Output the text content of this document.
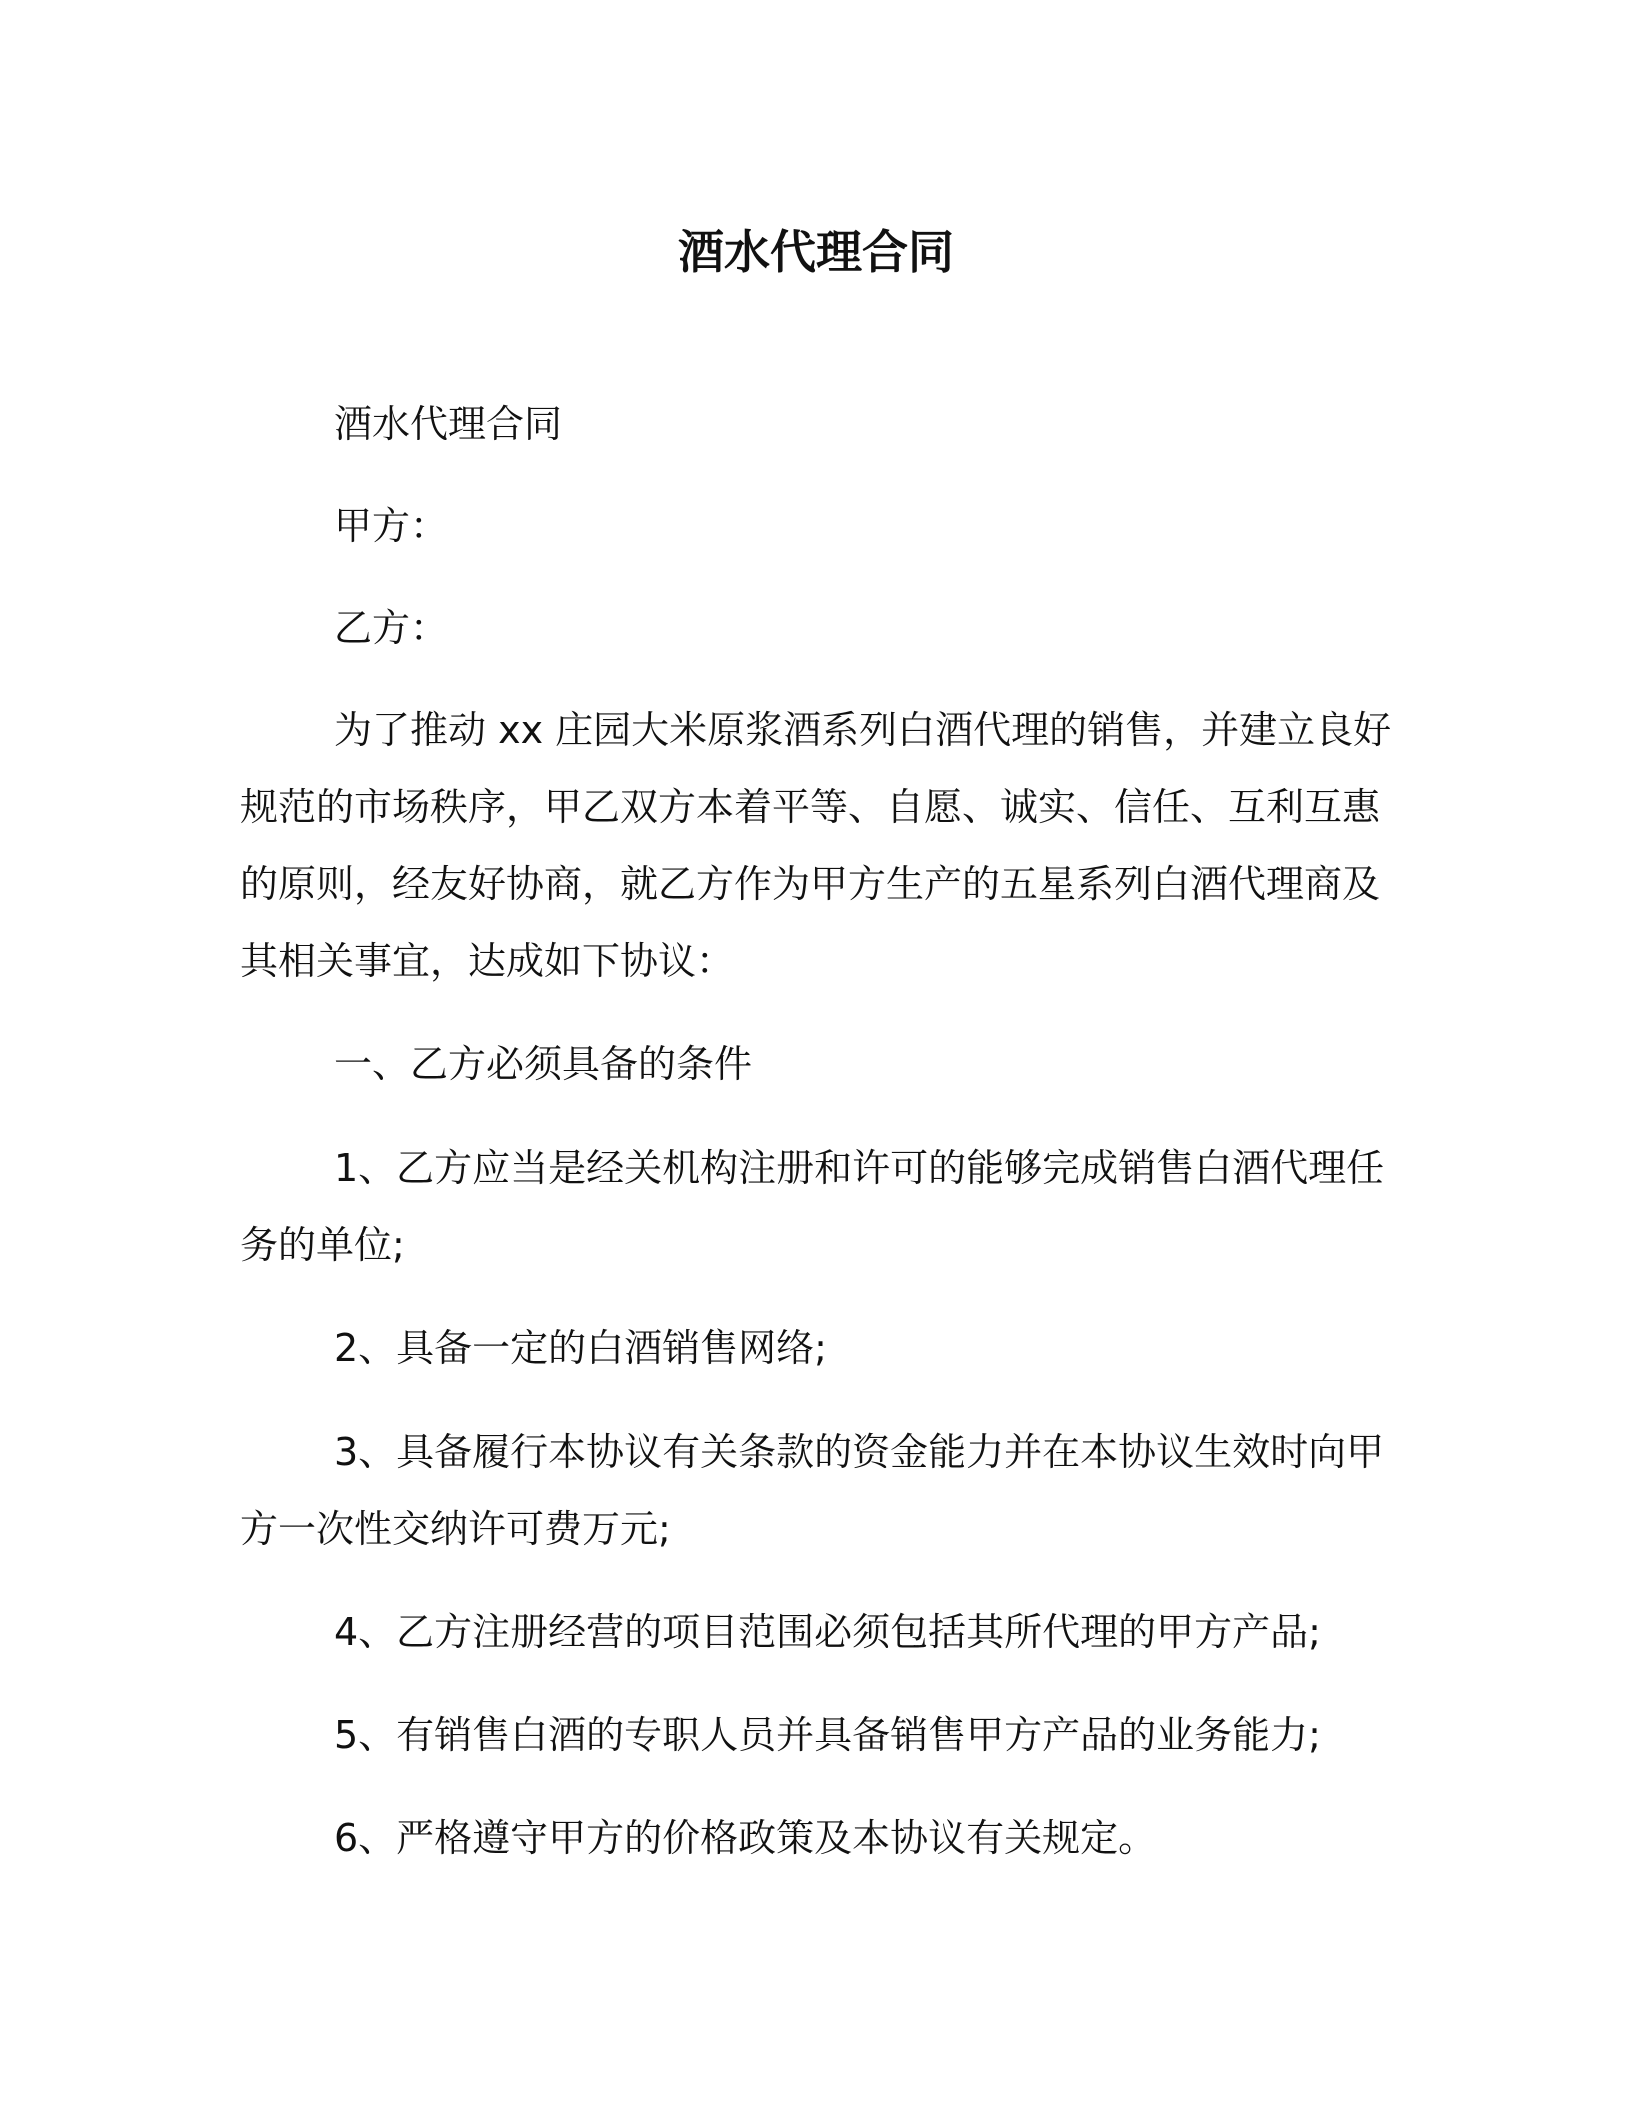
酒水代理合同

酒水代理合同

甲方：

乙方：

为了推动 xx 庄园大米原浆酒系列白酒代理的销售，并建立良好

规范的市场秩序，甲乙双方本着平等、自愿、诚实、信任、互利互惠

的原则，经友好协商，就乙方作为甲方生产的五星系列白酒代理商及

其相关事宜，达成如下协议：

一、乙方必须具备的条件

1、乙方应当是经关机构注册和许可的能够完成销售白酒代理任

务的单位;

2、具备一定的白酒销售网络;

3、具备履行本协议有关条款的资金能力并在本协议生效时向甲

方一次性交纳许可费万元;

4、乙方注册经营的项目范围必须包括其所代理的甲方产品;

5、有销售白酒的专职人员并具备销售甲方产品的业务能力;

6、严格遵守甲方的价格政策及本协议有关规定。
